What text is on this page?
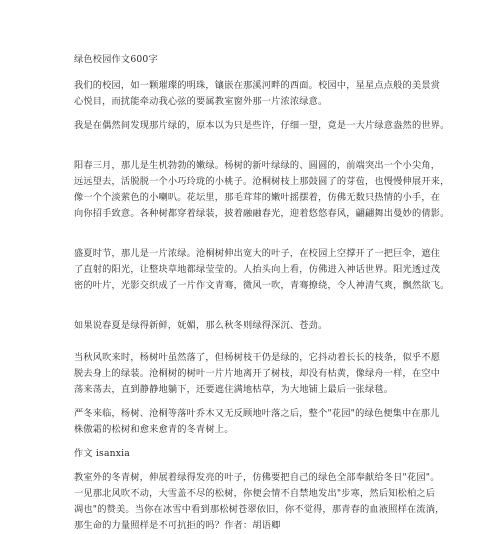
绿色校园作文600字
我们的校园，如一颗璀璨的明珠，镶嵌在那溪河畔的西面。校园中，星星点点般的美景赏
心悦目，而扰能牵动我心弦的要属教室窗外那一片浓浓绿意。
我是在偶然间发现那片绿的，原本以为只是些许，仔细一望，竟是一大片绿意盎然的世界。
阳春三月，那儿是生机勃勃的嫩绿。杨树的新叶绿绿的、圆圆的，前端突出一个小尖角，
远远望去，活脱脱一个小巧玲珑的小桃子。沧桐树枝上那鼓圆了的芽苞，也慢慢伸展开来，
像一个个淡萦色的小喇叭。花坛里，那毛茸茸的嫩叶摇摆着，仿佛无数只热情的小手，在
向你招手致意。各种树都穿着绿装，披着融融春光，迎着悠悠春风，翩翩舞出曼妙的倩影。
盛夏时节，那儿是一片浓绿。沧桐树伸出宽大的叶子，在校园上空撑开了一把巨伞，遮住
了直射的阳光，让整块草地都绿莹莹的。人抬头向上看，仿佛进入神话世界。阳光透过茂
密的叶片，光影交织成了一片作文青骞，微风一吹，青骞撩绕，令人神清气爽，飘然欲飞。
如果说春夏是绿得新鲜，妩媚，那么秋冬则绿得深沉、苍劲。
当秋风吹来时，杨树叶虽然落了，但杨树枝干仍是绿的，它抖动着长长的枝条，似乎不愿
脱去身上的绿装。沧桐树的树叶一片片地离开了树枝，却没有枯黄，像绿舟一样，在空中
荡来荡去，直到静静地躺下，还要遮住满地枯草，为大地铺上最后一张绿毯。
严冬来临，杨树、沧桐等落叶乔木又无反顾地叶落之后，整个"花园"的绿色便集中在那儿
株傲霜的松树和愈来愈青的冬青树上。
作文 isanxia
教室外的冬青树，伸展着绿得发亮的叶子，仿佛要把自己的绿色全部奉献给冬日"花园"。
一见那北风吹不动，大雪盖不尽的松树，你便会情不自禁地发出"步寒，然后知松柏之后
凋也"的赞美。当你在冰雪中看到那松树苍翠依旧，你不觉得，那青春的血液照样在流淌，
那生命的力量照样是不可抗拒的吗？作者：胡语卿
